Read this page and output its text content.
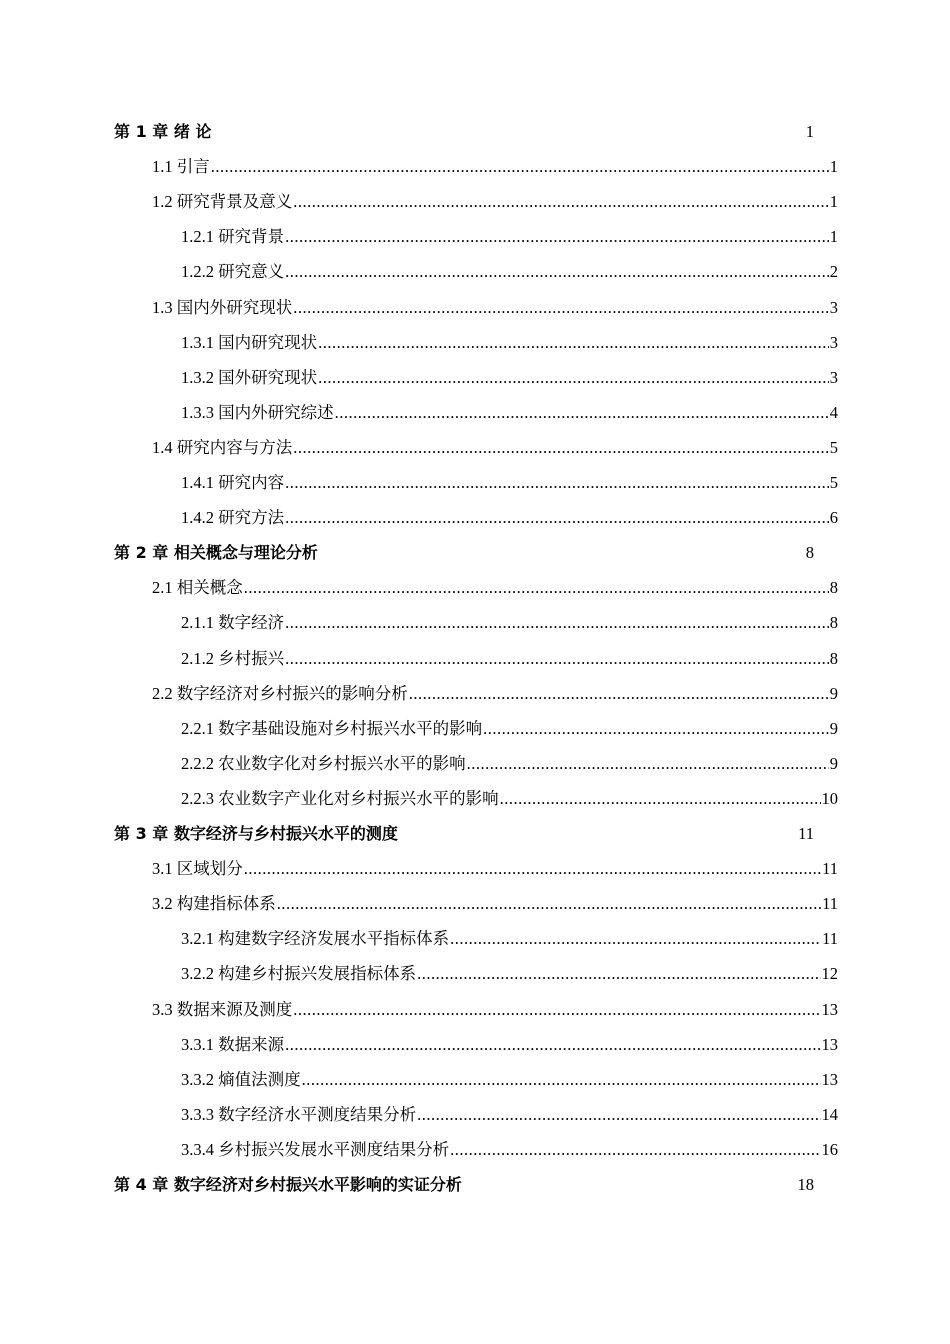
第 1 章 绪 论	1
1.1 引言 .....	1
1.2 研究背景及意义 .....	1
1.2.1 研究背景 .....	1
1.2.2 研究意义 .....	2
1.3 国内外研究现状 .....	3
1.3.1 国内研究现状 .....	3
1.3.2 国外研究现状 .....	3
1.3.3 国内外研究综述 .....	4
1.4 研究内容与方法 .....	5
1.4.1 研究内容 .....	5
1.4.2 研究方法 .....	6
第 2 章 相关概念与理论分析	8
2.1 相关概念 .....	8
2.1.1 数字经济 .....	8
2.1.2 乡村振兴 .....	8
2.2 数字经济对乡村振兴的影响分析 .....	9
2.2.1 数字基础设施对乡村振兴水平的影响 .....	9
2.2.2 农业数字化对乡村振兴水平的影响 .....	9
2.2.3 农业数字产业化对乡村振兴水平的影响 .....	10
第 3 章 数字经济与乡村振兴水平的测度	11
3.1 区域划分 .....	11
3.2 构建指标体系 .....	11
3.2.1 构建数字经济发展水平指标体系 .....	11
3.2.2 构建乡村振兴发展指标体系 .....	12
3.3 数据来源及测度 .....	13
3.3.1 数据来源 .....	13
3.3.2 熵值法测度 .....	13
3.3.3 数字经济水平测度结果分析 .....	14
3.3.4 乡村振兴发展水平测度结果分析 .....	16
第 4 章 数字经济对乡村振兴水平影响的实证分析	18
